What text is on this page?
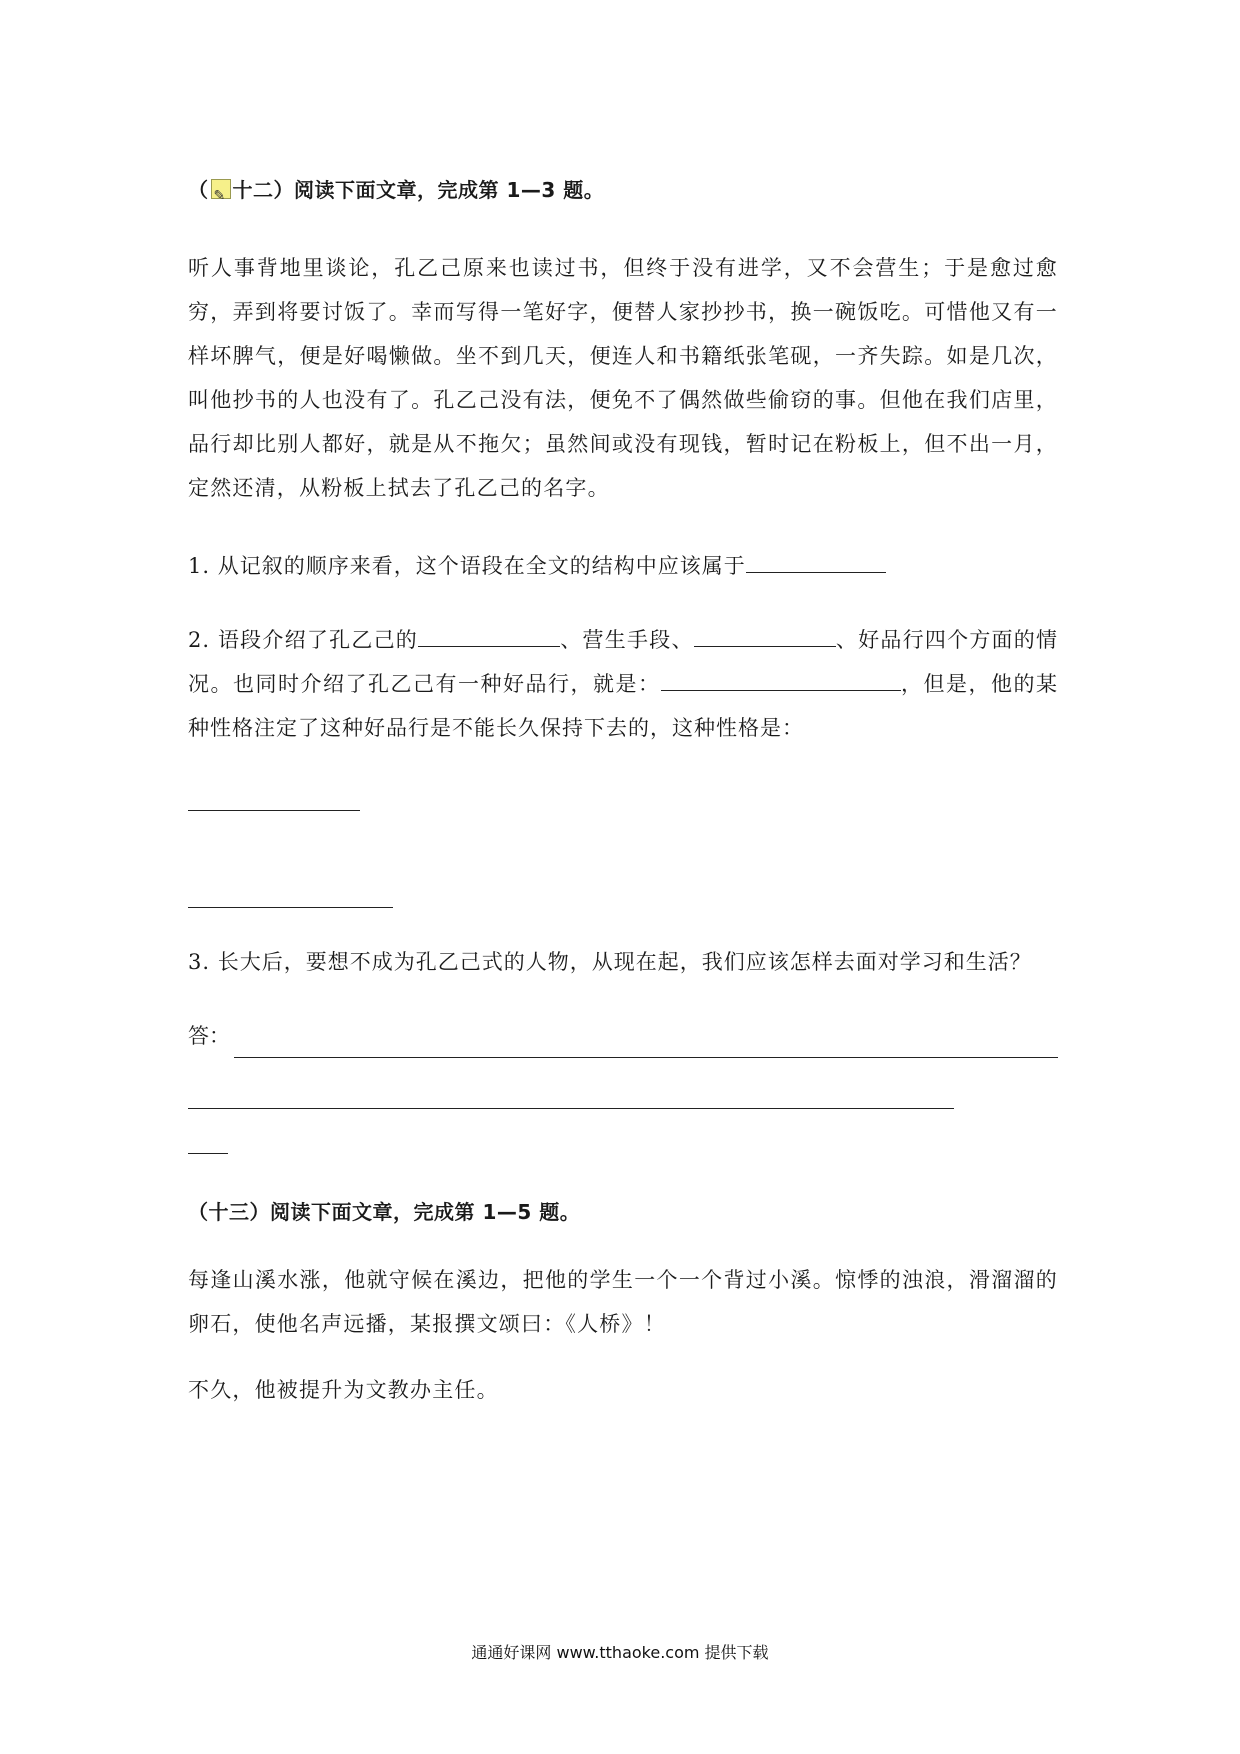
（ ✎ 十二）阅读下面文章，完成第 1—3 题。

听人事背地里谈论，孔乙己原来也读过书，但终于没有进学，又不会营生；于是愈过愈穷，弄到将要讨饭了。幸而写得一笔好字，便替人家抄抄书，换一碗饭吃。可惜他又有一样坏脾气，便是好喝懒做。坐不到几天，便连人和书籍纸张笔砚，一齐失踪。如是几次，叫他抄书的人也没有了。孔乙己没有法，便免不了偶然做些偷窃的事。但他在我们店里，品行却比别人都好，就是从不拖欠；虽然间或没有现钱，暂时记在粉板上，但不出一月，定然还清，从粉板上拭去了孔乙己的名字。

1. 从记叙的顺序来看，这个语段在全文的结构中应该属于
2. 语段介绍了孔乙己的	、营生手段、	、好品行四个方面的情况。也同时介绍了孔乙己有一种好品行，就是：	，但是，他的某种性格注定了这种好品行是不能长久保持下去的，这种性格是：
3. 长大后，要想不成为孔乙己式的人物，从现在起，我们应该怎样去面对学习和生活？
答：
（十三）阅读下面文章，完成第 1—5 题。

每逢山溪水涨，他就守候在溪边，把他的学生一个一个背过小溪。惊悸的浊浪，滑溜溜的卵石，使他名声远播，某报撰文颂曰：《人桥》！

不久，他被提升为文教办主任。

通通好课网 www.tthaoke.com 提供下载
